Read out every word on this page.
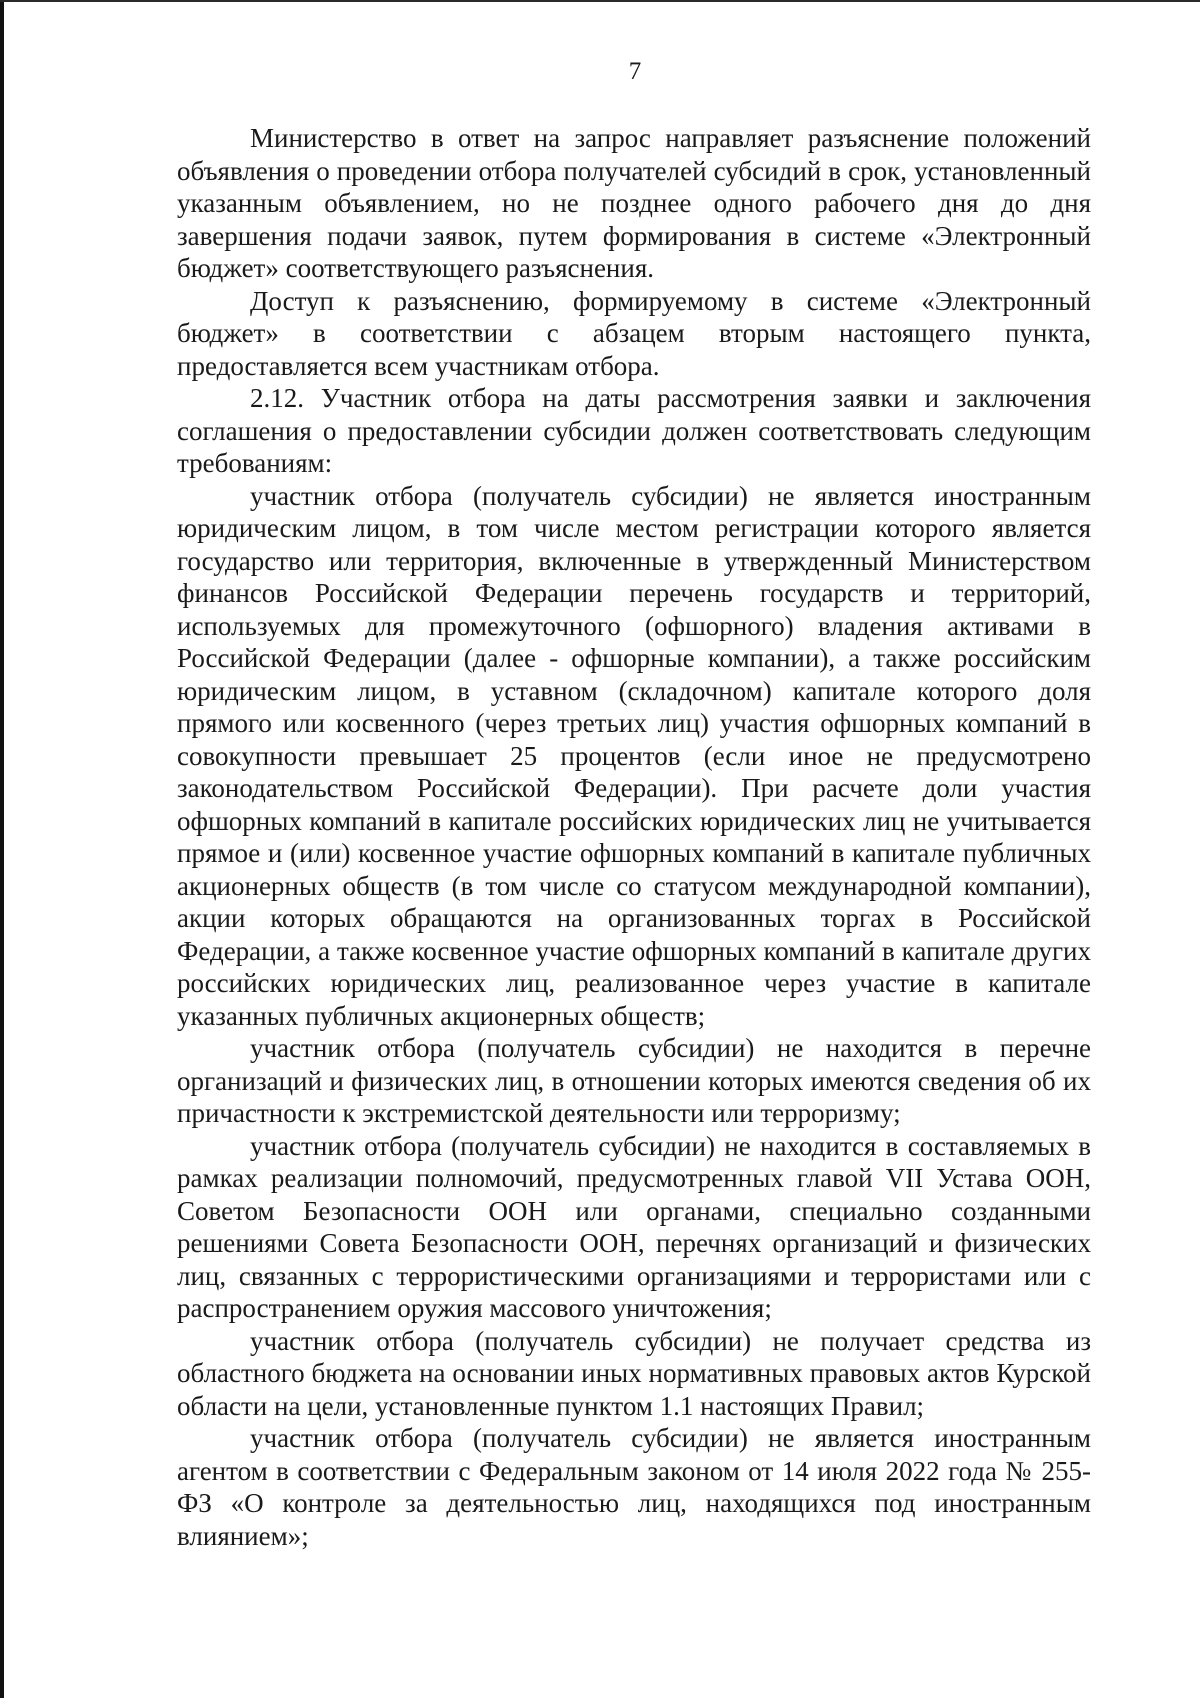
7

Министерство в ответ на запрос направляет разъяснение положений объявления о проведении отбора получателей субсидий в срок, установленный указанным объявлением, но не позднее одного рабочего дня до дня завершения подачи заявок, путем формирования в системе «Электронный бюджет» соответствующего разъяснения.

Доступ к разъяснению, формируемому в системе «Электронный бюджет» в соответствии с абзацем вторым настоящего пункта, предоставляется всем участникам отбора.

2.12. Участник отбора на даты рассмотрения заявки и заключения соглашения о предоставлении субсидии должен соответствовать следующим требованиям:

участник отбора (получатель субсидии) не является иностранным юридическим лицом, в том числе местом регистрации которого является государство или территория, включенные в утвержденный Министерством финансов Российской Федерации перечень государств и территорий, используемых для промежуточного (офшорного) владения активами в Российской Федерации (далее - офшорные компании), а также российским юридическим лицом, в уставном (складочном) капитале которого доля прямого или косвенного (через третьих лиц) участия офшорных компаний в совокупности превышает 25 процентов (если иное не предусмотрено законодательством Российской Федерации). При расчете доли участия офшорных компаний в капитале российских юридических лиц не учитывается прямое и (или) косвенное участие офшорных компаний в капитале публичных акционерных обществ (в том числе со статусом международной компании), акции которых обращаются на организованных торгах в Российской Федерации, а также косвенное участие офшорных компаний в капитале других российских юридических лиц, реализованное через участие в капитале указанных публичных акционерных обществ;

участник отбора (получатель субсидии) не находится в перечне организаций и физических лиц, в отношении которых имеются сведения об их причастности к экстремистской деятельности или терроризму;

участник отбора (получатель субсидии) не находится в составляемых в рамках реализации полномочий, предусмотренных главой VII Устава ООН, Советом Безопасности ООН или органами, специально созданными решениями Совета Безопасности ООН, перечнях организаций и физических лиц, связанных с террористическими организациями и террористами или с распространением оружия массового уничтожения;

участник отбора (получатель субсидии) не получает средства из областного бюджета на основании иных нормативных правовых актов Курской области на цели, установленные пунктом 1.1 настоящих Правил;

участник отбора (получатель субсидии) не является иностранным агентом в соответствии с Федеральным законом от 14 июля 2022 года № 255-ФЗ «О контроле за деятельностью лиц, находящихся под иностранным влиянием»;
